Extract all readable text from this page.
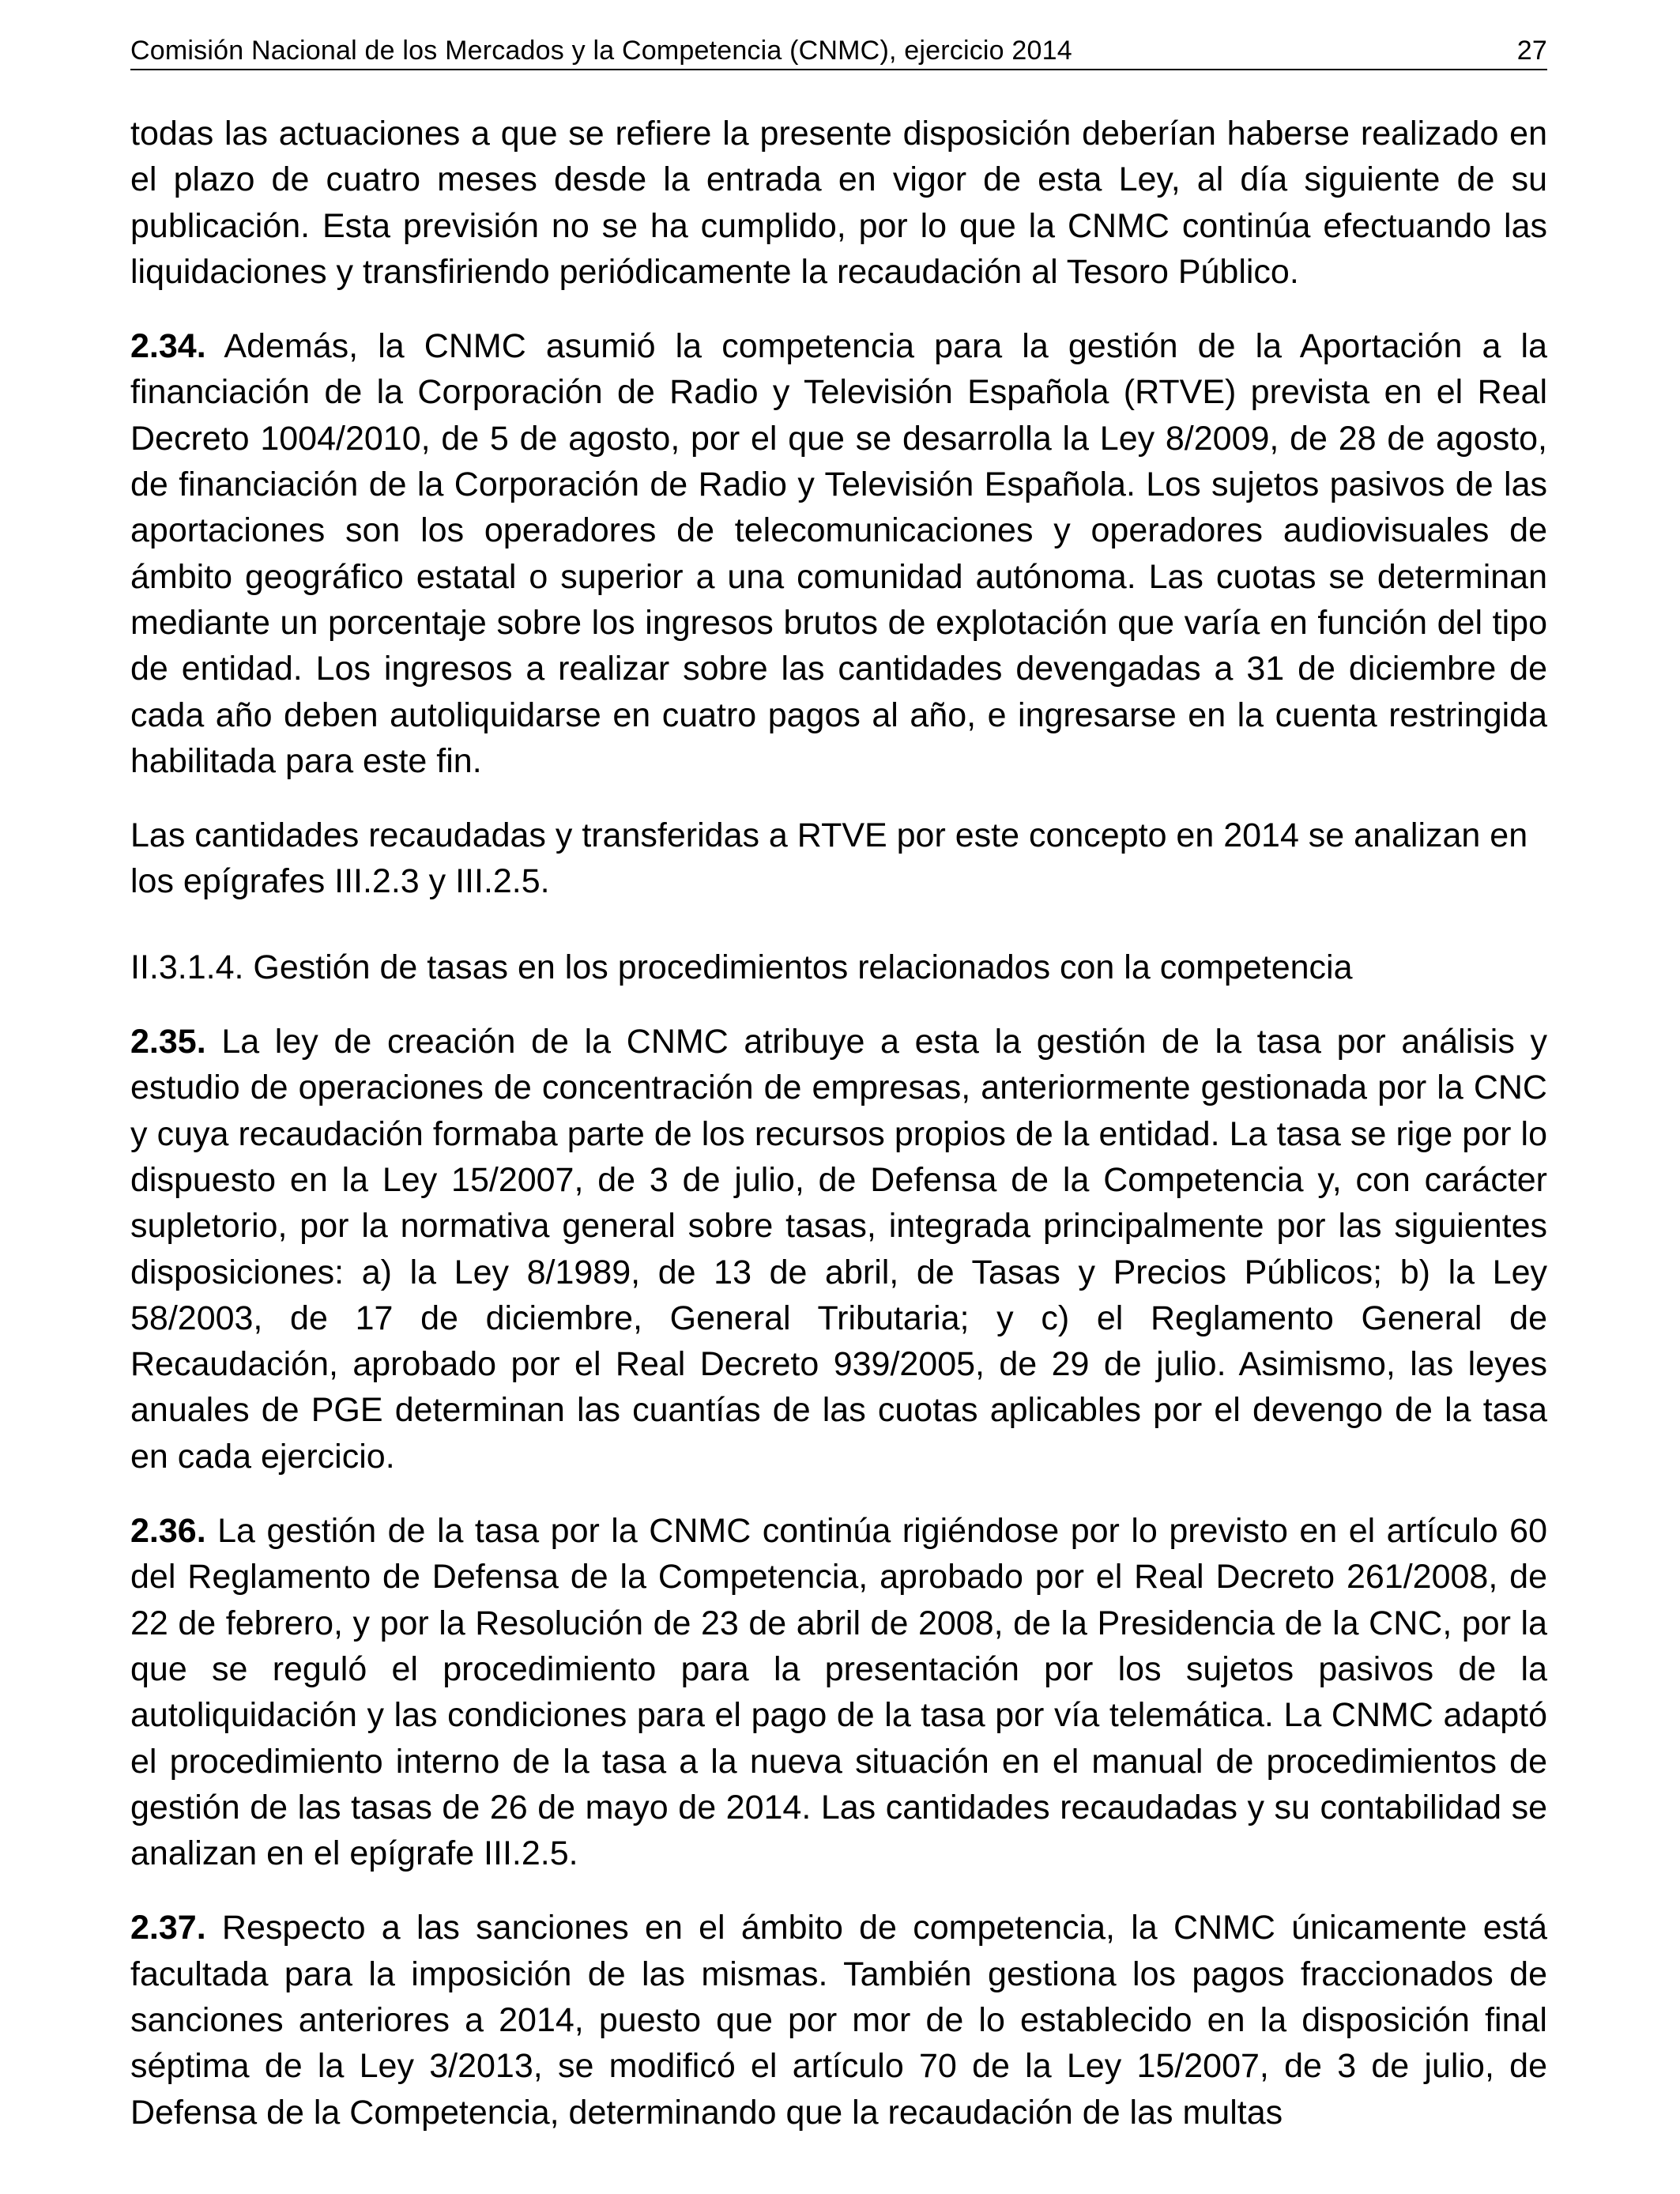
Comisión Nacional de los Mercados y la Competencia (CNMC), ejercicio 2014	27

todas las actuaciones a que se refiere la presente disposición deberían haberse realizado en el plazo de cuatro meses desde la entrada en vigor de esta Ley, al día siguiente de su publicación. Esta previsión no se ha cumplido, por lo que la CNMC continúa efectuando las liquidaciones y transfiriendo periódicamente la recaudación al Tesoro Público.

2.34. Además, la CNMC asumió la competencia para la gestión de la Aportación a la financiación de la Corporación de Radio y Televisión Española (RTVE) prevista en el Real Decreto 1004/2010, de 5 de agosto, por el que se desarrolla la Ley 8/2009, de 28 de agosto, de financiación de la Corporación de Radio y Televisión Española. Los sujetos pasivos de las aportaciones son los operadores de telecomunicaciones y operadores audiovisuales de ámbito geográfico estatal o superior a una comunidad autónoma. Las cuotas se determinan mediante un porcentaje sobre los ingresos brutos de explotación que varía en función del tipo de entidad. Los ingresos a realizar sobre las cantidades devengadas a 31 de diciembre de cada año deben autoliquidarse en cuatro pagos al año, e ingresarse en la cuenta restringida habilitada para este fin.

Las cantidades recaudadas y transferidas a RTVE por este concepto en 2014 se analizan en los epígrafes III.2.3 y III.2.5.

II.3.1.4. Gestión de tasas en los procedimientos relacionados con la competencia

2.35. La ley de creación de la CNMC atribuye a esta la gestión de la tasa por análisis y estudio de operaciones de concentración de empresas, anteriormente gestionada por la CNC y cuya recaudación formaba parte de los recursos propios de la entidad. La tasa se rige por lo dispuesto en la Ley 15/2007, de 3 de julio, de Defensa de la Competencia y, con carácter supletorio, por la normativa general sobre tasas, integrada principalmente por las siguientes disposiciones: a) la Ley 8/1989, de 13 de abril, de Tasas y Precios Públicos; b) la Ley 58/2003, de 17 de diciembre, General Tributaria; y c) el Reglamento General de Recaudación, aprobado por el Real Decreto 939/2005, de 29 de julio. Asimismo, las leyes anuales de PGE determinan las cuantías de las cuotas aplicables por el devengo de la tasa en cada ejercicio.

2.36. La gestión de la tasa por la CNMC continúa rigiéndose por lo previsto en el artículo 60 del Reglamento de Defensa de la Competencia, aprobado por el Real Decreto 261/2008, de 22 de febrero, y por la Resolución de 23 de abril de 2008, de la Presidencia de la CNC, por la que se reguló el procedimiento para la presentación por los sujetos pasivos de la autoliquidación y las condiciones para el pago de la tasa por vía telemática. La CNMC adaptó el procedimiento interno de la tasa a la nueva situación en el manual de procedimientos de gestión de las tasas de 26 de mayo de 2014. Las cantidades recaudadas y su contabilidad se analizan en el epígrafe III.2.5.

2.37. Respecto a las sanciones en el ámbito de competencia, la CNMC únicamente está facultada para la imposición de las mismas. También gestiona los pagos fraccionados de sanciones anteriores a 2014, puesto que por mor de lo establecido en la disposición final séptima de la Ley 3/2013, se modificó el artículo 70 de la Ley 15/2007, de 3 de julio, de Defensa de la Competencia, determinando que la recaudación de las multas
